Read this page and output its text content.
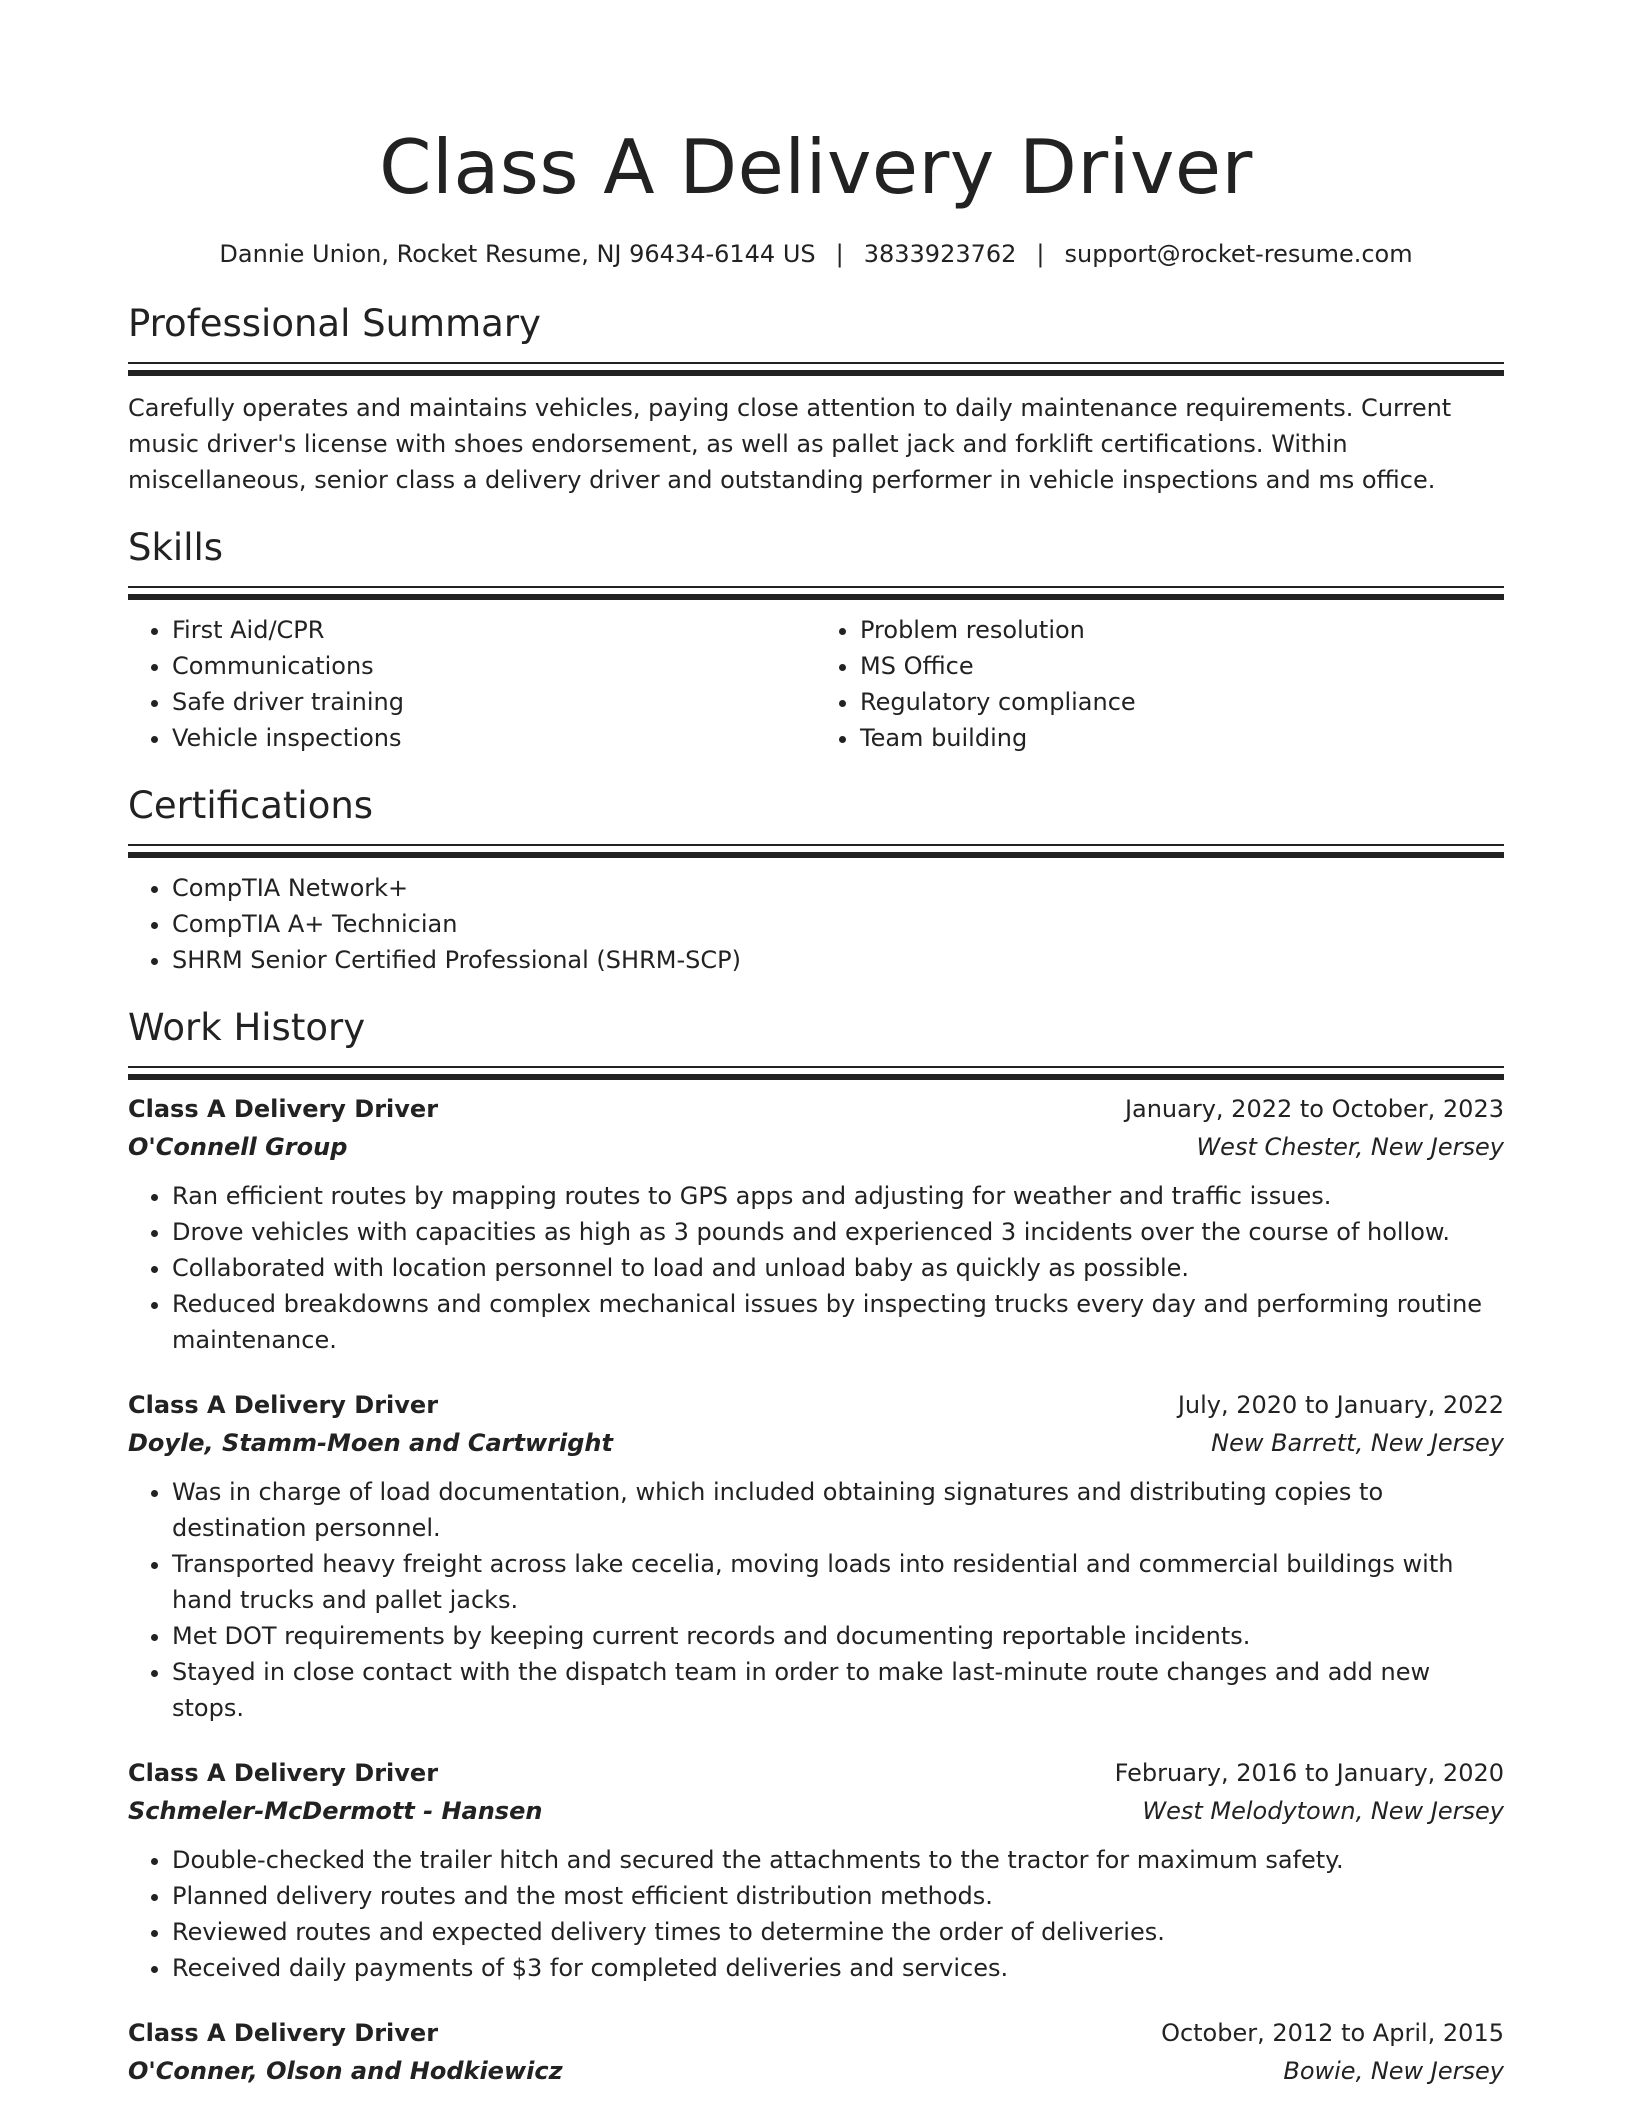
Class A Delivery Driver
Dannie Union, Rocket Resume, NJ 96434-6144 US | 3833923762 | support@rocket-resume.com
Professional Summary

Carefully operates and maintains vehicles, paying close attention to daily maintenance requirements. Current music driver's license with shoes endorsement, as well as pallet jack and forklift certifications. Within miscellaneous, senior class a delivery driver and outstanding performer in vehicle inspections and ms office.

Skills
• First Aid/CPR
• Communications
• Safe driver training
• Vehicle inspections
• Problem resolution
• MS Office
• Regulatory compliance
• Team building
Certifications
• CompTIA Network+
• CompTIA A+ Technician
• SHRM Senior Certified Professional (SHRM-SCP)
Work History
Class A Delivery Driver	January, 2022 to October, 2023
O'Connell Group	West Chester, New Jersey
• Ran efficient routes by mapping routes to GPS apps and adjusting for weather and traffic issues.
• Drove vehicles with capacities as high as 3 pounds and experienced 3 incidents over the course of hollow.
• Collaborated with location personnel to load and unload baby as quickly as possible.
• Reduced breakdowns and complex mechanical issues by inspecting trucks every day and performing routine maintenance.
Class A Delivery Driver	July, 2020 to January, 2022
Doyle, Stamm-Moen and Cartwright	New Barrett, New Jersey
• Was in charge of load documentation, which included obtaining signatures and distributing copies to destination personnel.
• Transported heavy freight across lake cecelia, moving loads into residential and commercial buildings with hand trucks and pallet jacks.
• Met DOT requirements by keeping current records and documenting reportable incidents.
• Stayed in close contact with the dispatch team in order to make last-minute route changes and add new stops.
Class A Delivery Driver	February, 2016 to January, 2020
Schmeler-McDermott - Hansen	West Melodytown, New Jersey
• Double-checked the trailer hitch and secured the attachments to the tractor for maximum safety.
• Planned delivery routes and the most efficient distribution methods.
• Reviewed routes and expected delivery times to determine the order of deliveries.
• Received daily payments of $3 for completed deliveries and services.
Class A Delivery Driver	October, 2012 to April, 2015
O'Conner, Olson and Hodkiewicz	Bowie, New Jersey
